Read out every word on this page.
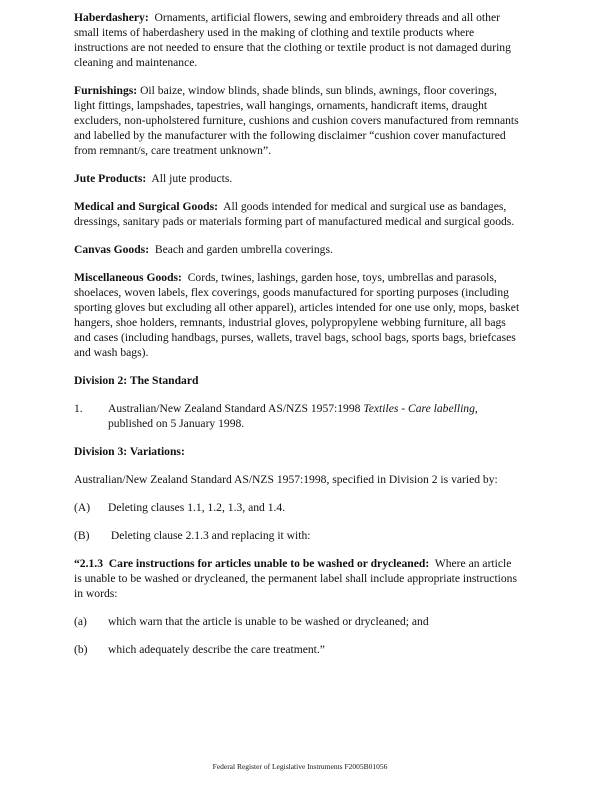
Haberdashery: Ornaments, artificial flowers, sewing and embroidery threads and all other small items of haberdashery used in the making of clothing and textile products where instructions are not needed to ensure that the clothing or textile product is not damaged during cleaning and maintenance.

Furnishings: Oil baize, window blinds, shade blinds, sun blinds, awnings, floor coverings, light fittings, lampshades, tapestries, wall hangings, ornaments, handicraft items, draught excluders, non-upholstered furniture, cushions and cushion covers manufactured from remnants and labelled by the manufacturer with the following disclaimer “cushion cover manufactured from remnant/s, care treatment unknown”.

Jute Products: All jute products.

Medical and Surgical Goods: All goods intended for medical and surgical use as bandages, dressings, sanitary pads or materials forming part of manufactured medical and surgical goods.

Canvas Goods: Beach and garden umbrella coverings.

Miscellaneous Goods: Cords, twines, lashings, garden hose, toys, umbrellas and parasols, shoelaces, woven labels, flex coverings, goods manufactured for sporting purposes (including sporting gloves but excluding all other apparel), articles intended for one use only, mops, basket hangers, shoe holders, remnants, industrial gloves, polypropylene webbing furniture, all bags and cases (including handbags, purses, wallets, travel bags, school bags, sports bags, briefcases and wash bags).

Division 2: The Standard

1.	Australian/New Zealand Standard AS/NZS 1957:1998 Textiles - Care labelling, published on 5 January 1998.

Division 3: Variations:

Australian/New Zealand Standard AS/NZS 1957:1998, specified in Division 2 is varied by:

(A)	Deleting clauses 1.1, 1.2, 1.3, and 1.4.
(B)	Deleting clause 2.1.3 and replacing it with:

“2.1.3  Care instructions for articles unable to be washed or drycleaned: Where an article is unable to be washed or drycleaned, the permanent label shall include appropriate instructions in words:

(a)	which warn that the article is unable to be washed or drycleaned; and
(b)	which adequately describe the care treatment.”
Federal Register of Legislative Instruments F2005B01056
